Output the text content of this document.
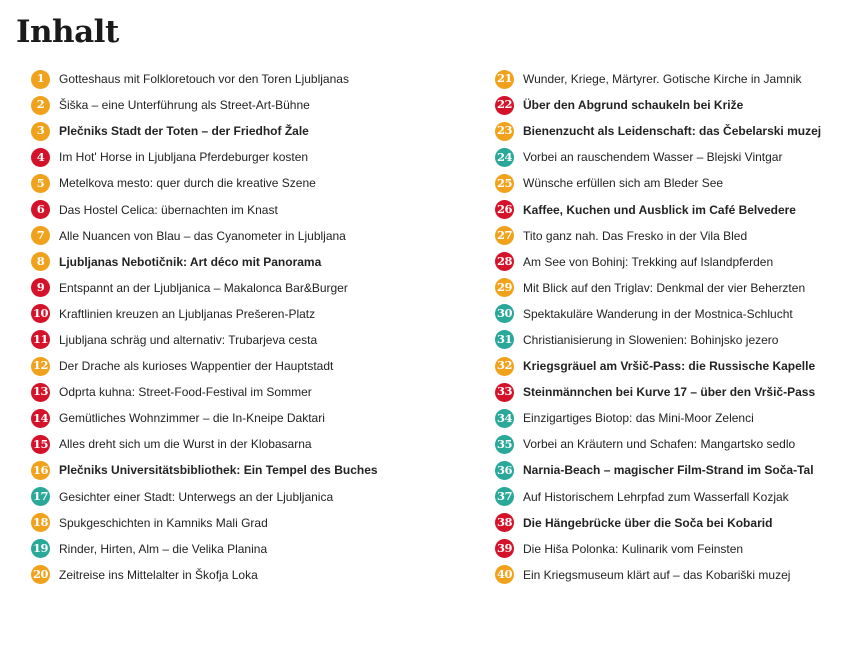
Inhalt
1	Gotteshaus mit Folkloretouch vor den Toren Ljubljanas
2	Šiška – eine Unterführung als Street-Art-Bühne
3	Plečniks Stadt der Toten – der Friedhof Žale
4	Im Hot' Horse in Ljubljana Pferdeburger kosten
5	Metelkova mesto: quer durch die kreative Szene
6	Das Hostel Celica: übernachten im Knast
7	Alle Nuancen von Blau – das Cyanometer in Ljubljana
8	Ljubljanas Nebotičnik: Art déco mit Panorama
9	Entspannt an der Ljubljanica – Makalonca Bar&Burger
10 Kraftlinien kreuzen an Ljubljanas Prešeren-Platz
11 Ljubljana schräg und alternativ: Trubarjeva cesta
12 Der Drache als kurioses Wappentier der Hauptstadt
13 Odprta kuhna: Street-Food-Festival im Sommer
14 Gemütliches Wohnzimmer – die In-Kneipe Daktari
15 Alles dreht sich um die Wurst in der Klobasarna
16 Plečniks Universitätsbibliothek: Ein Tempel des Buches
17 Gesichter einer Stadt: Unterwegs an der Ljubljanica
18 Spukgeschichten in Kamniks Mali Grad
19 Rinder, Hirten, Alm – die Velika Planina
20 Zeitreise ins Mittelalter in Škofja Loka
21 Wunder, Kriege, Märtyrer. Gotische Kirche in Jamnik
22 Über den Abgrund schaukeln bei Križe
23 Bienenzucht als Leidenschaft: das Čebelarski muzej
24 Vorbei an rauschendem Wasser – Blejski Vintgar
25 Wünsche erfüllen sich am Bleder See
26 Kaffee, Kuchen und Ausblick im Café Belvedere
27 Tito ganz nah. Das Fresko in der Vila Bled
28 Am See von Bohinj: Trekking auf Islandpferden
29 Mit Blick auf den Triglav: Denkmal der vier Beherzten
30 Spektakuläre Wanderung in der Mostnica-Schlucht
31 Christianisierung in Slowenien: Bohinjsko jezero
32 Kriegsgräuel am Vršič-Pass: die Russische Kapelle
33 Steinmännchen bei Kurve 17 – über den Vršič-Pass
34 Einzigartiges Biotop: das Mini-Moor Zelenci
35 Vorbei an Kräutern und Schafen: Mangartsko sedlo
36 Narnia-Beach – magischer Film-Strand im Soča-Tal
37 Auf Historischem Lehrpfad zum Wasserfall Kozjak
38 Die Hängebrücke über die Soča bei Kobarid
39 Die Hiša Polonka: Kulinarik vom Feinsten
40 Ein Kriegsmuseum klärt auf – das Kobariški muzej
